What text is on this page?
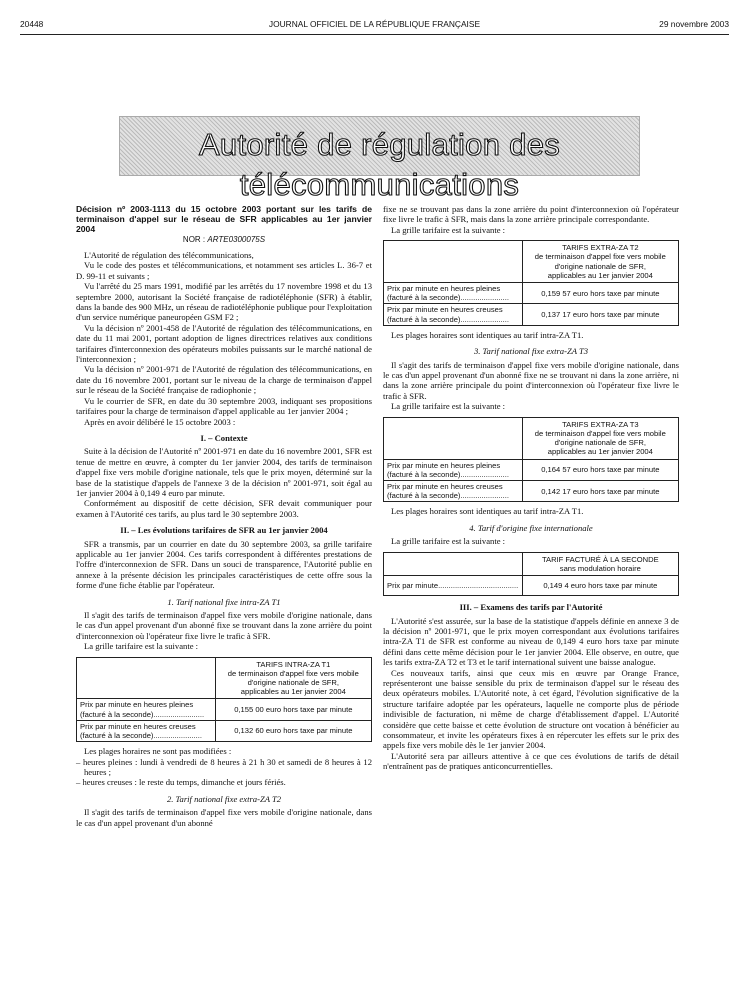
20448	JOURNAL OFFICIEL DE LA RÉPUBLIQUE FRANÇAISE	29 novembre 2003
Autorité de régulation des télécommunications

Décision nº 2003-1113 du 15 octobre 2003 portant sur les tarifs de terminaison d'appel sur le réseau de SFR applicables au 1er janvier 2004

NOR : ARTE0300075S

L'Autorité de régulation des télécommunications,

Vu le code des postes et télécommunications, et notamment ses articles L. 36-7 et D. 99-11 et suivants ;

Vu l'arrêté du 25 mars 1991, modifié par les arrêtés du 17 novembre 1998 et du 13 septembre 2000, autorisant la Société française de radiotéléphonie (SFR) à établir, dans la bande des 900 MHz, un réseau de radiotéléphonie publique pour l'exploitation d'un service numérique paneuropéen GSM F2 ;

Vu la décision nº 2001-458 de l'Autorité de régulation des télécommunications, en date du 11 mai 2001, portant adoption de lignes directrices relatives aux conditions tarifaires d'interconnexion des opérateurs mobiles puissants sur le marché national de l'interconnexion ;

Vu la décision nº 2001-971 de l'Autorité de régulation des télécommunications, en date du 16 novembre 2001, portant sur le niveau de la charge de terminaison d'appel sur le réseau de la Société française de radiophonie ;

Vu le courrier de SFR, en date du 30 septembre 2003, indiquant ses propositions tarifaires pour la charge de terminaison d'appel applicable au 1er janvier 2004 ;

Après en avoir délibéré le 15 octobre 2003 :

I. – Contexte

Suite à la décision de l'Autorité nº 2001-971 en date du 16 novembre 2001, SFR est tenue de mettre en œuvre, à compter du 1er janvier 2004, des tarifs de terminaison d'appel fixe vers mobile d'origine nationale, tels que le prix moyen, déterminé sur la base de la statistique d'appels de l'annexe 3 de la décision nº 2001-971, soit égal au 1er janvier 2004 à 0,149 4 euro par minute.

Conformément au dispositif de cette décision, SFR devait communiquer pour examen à l'Autorité ces tarifs, au plus tard le 30 septembre 2003.

II. – Les évolutions tarifaires de SFR au 1er janvier 2004

SFR a transmis, par un courrier en date du 30 septembre 2003, sa grille tarifaire applicable au 1er janvier 2004. Ces tarifs correspondent à différentes prestations de l'offre d'interconnexion de SFR. Dans un souci de transparence, l'Autorité publie en annexe à la présente décision les principales caractéristiques de cette offre sous la forme d'une fiche établie par l'opérateur.

1. Tarif national fixe intra-ZA T1

Il s'agit des tarifs de terminaison d'appel fixe vers mobile d'origine nationale, dans le cas d'un appel provenant d'un abonné fixe se trouvant dans la zone arrière du point d'interconnexion où l'opérateur fixe livre le trafic à SFR.

La grille tarifaire est la suivante :

	TARIFS INTRA-ZA T1
de terminaison d'appel fixe vers mobile d'origine nationale de SFR,
applicables au 1er janvier 2004

Prix par minute en heures pleines
(facturé à la seconde)........................	0,155 00 euro hors taxe par minute

Prix par minute en heures creuses
(facturé à la seconde).......................	0,132 60 euro hors taxe par minute

Les plages horaires ne sont pas modifiées :

– heures pleines : lundi à vendredi de 8 heures à 21 h 30 et samedi de 8 heures à 12 heures ;
– heures creuses : le reste du temps, dimanche et jours fériés.
2. Tarif national fixe extra-ZA T2

Il s'agit des tarifs de terminaison d'appel fixe vers mobile d'origine nationale, dans le cas d'un appel provenant d'un abonné

fixe ne se trouvant pas dans la zone arrière du point d'interconnexion où l'opérateur fixe livre le trafic à SFR, mais dans la zone arrière principale correspondante.

La grille tarifaire est la suivante :

	TARIFS EXTRA-ZA T2
de terminaison d'appel fixe vers mobile d'origine nationale de SFR,
applicables au 1er janvier 2004

Prix par minute en heures pleines
(facturé à la seconde).......................	0,159 57 euro hors taxe par minute

Prix par minute en heures creuses
(facturé à la seconde).......................	0,137 17 euro hors taxe par minute

Les plages horaires sont identiques au tarif intra-ZA T1.

3. Tarif national fixe extra-ZA T3

Il s'agit des tarifs de terminaison d'appel fixe vers mobile d'origine nationale, dans le cas d'un appel provenant d'un abonné fixe ne se trouvant ni dans la zone arrière, ni dans la zone arrière principale du point d'interconnexion où l'opérateur fixe livre le trafic à SFR.

La grille tarifaire est la suivante :

	TARIFS EXTRA-ZA T3
de terminaison d'appel fixe vers mobile d'origine nationale de SFR,
applicables au 1er janvier 2004

Prix par minute en heures pleines
(facturé à la seconde).......................	0,164 57 euro hors taxe par minute

Prix par minute en heures creuses
(facturé à la seconde).......................	0,142 17 euro hors taxe par minute

Les plages horaires sont identiques au tarif intra-ZA T1.

4. Tarif d'origine fixe internationale

La grille tarifaire est la suivante :

	TARIF FACTURÉ À LA SECONDE
sans modulation horaire

Prix par minute......................................	0,149 4 euro hors taxe par minute
III. – Examens des tarifs par l'Autorité

L'Autorité s'est assurée, sur la base de la statistique d'appels définie en annexe 3 de la décision nº 2001-971, que le prix moyen correspondant aux évolutions tarifaires intra-ZA T1 de SFR est conforme au niveau de 0,149 4 euro hors taxe par minute défini dans cette même décision pour le 1er janvier 2004. Elle observe, en outre, que les tarifs extra-ZA T2 et T3 et le tarif international suivent une baisse analogue.

Ces nouveaux tarifs, ainsi que ceux mis en œuvre par Orange France, représenteront une baisse sensible du prix de terminaison d'appel sur le réseau des deux opérateurs mobiles. L'Autorité note, à cet égard, l'évolution significative de la structure tarifaire adoptée par les opérateurs, laquelle ne comporte plus de période indivisible de facturation, ni même de charge d'établissement d'appel. L'Autorité considère que cette baisse et cette évolution de structure ont vocation à bénéficier au consommateur, et invite les opérateurs fixes à en répercuter les effets sur le prix des appels fixe vers mobile dès le 1er janvier 2004.

L'Autorité sera par ailleurs attentive à ce que ces évolutions de tarifs de détail n'entraînent pas de pratiques anticoncurrentielles.
